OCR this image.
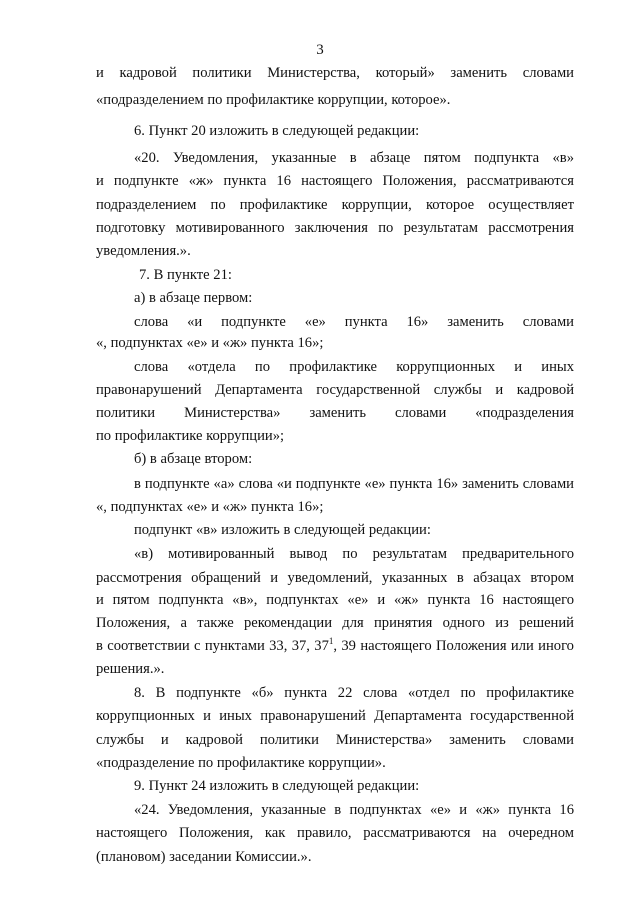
3
и кадровой политики Министерства, который» заменить словами
«подразделением по профилактике коррупции, которое».
6. Пункт 20 изложить в следующей редакции:
«20. Уведомления, указанные в абзаце пятом подпункта «в»
и подпункте «ж» пункта 16 настоящего Положения, рассматриваются
подразделением по профилактике коррупции, которое осуществляет
подготовку мотивированного заключения по результатам рассмотрения
уведомления.».
7. В пункте 21:
а) в абзаце первом:
слова «и подпункте «е» пункта 16» заменить словами
«, подпунктах «е» и «ж» пункта 16»;
слова «отдела по профилактике коррупционных и иных
правонарушений Департамента государственной службы и кадровой
политики Министерства» заменить словами «подразделения
по профилактике коррупции»;
б) в абзаце втором:
в подпункте «а» слова «и подпункте «е» пункта 16» заменить словами
«, подпунктах «е» и «ж» пункта 16»;
подпункт «в» изложить в следующей редакции:
«в) мотивированный вывод по результатам предварительного
рассмотрения обращений и уведомлений, указанных в абзацах втором
и пятом подпункта «в», подпунктах «е» и «ж» пункта 16 настоящего
Положения, а также рекомендации для принятия одного из решений
в соответствии с пунктами 33, 37, $37^1$, 39 настоящего Положения или иного
решения.».
8. В подпункте «б» пункта 22 слова «отдел по профилактике
коррупционных и иных правонарушений Департамента государственной
службы и кадровой политики Министерства» заменить словами
«подразделение по профилактике коррупции».
9. Пункт 24 изложить в следующей редакции:
«24. Уведомления, указанные в подпунктах «е» и «ж» пункта 16
настоящего Положения, как правило, рассматриваются на очередном
(плановом) заседании Комиссии.».
